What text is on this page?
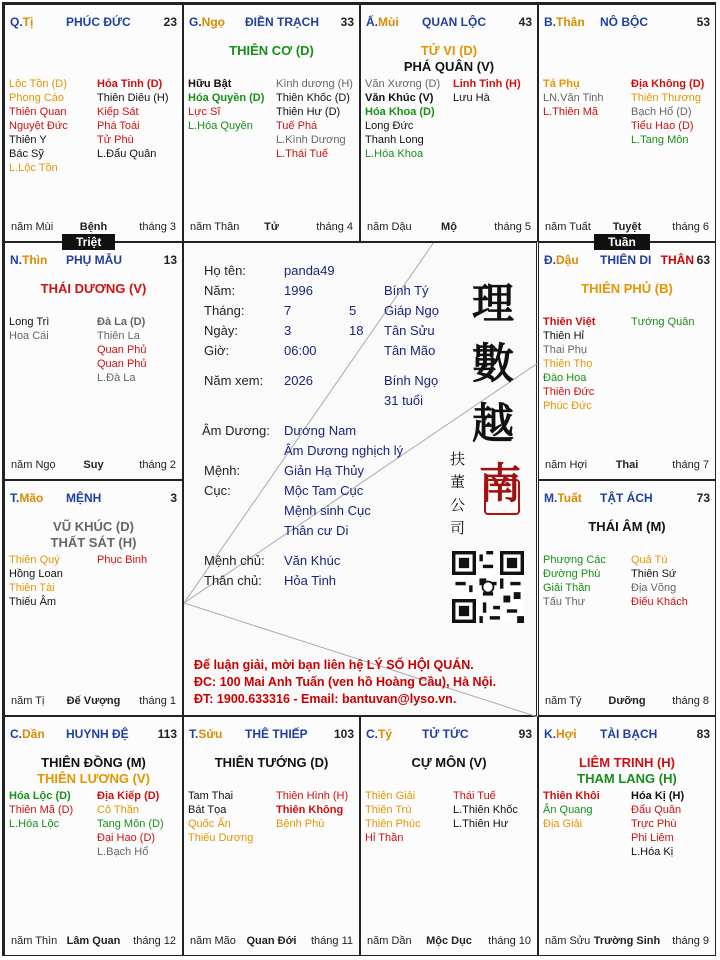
Q.Tị	PHÚC ĐỨC	23
Lộc Tồn (D)
Phong Cáo
Thiên Quan
Nguyệt Đức
Thiên Y
Bác Sỹ
L.Lộc Tồn
Hỏa Tinh (D)
Thiên Diêu (H)
Kiếp Sát
Phá Toái
Tử Phù
L.Đẩu Quân
năm Mùi	Bệnh	tháng 3
G.Ngọ ĐIỀN TRẠCH 33
THIÊN CƠ (D)
Hữu Bật
Hóa Quyền (D)
Lực Sĩ
L.Hóa Quyền
Kình dương (H)
Thiên Khốc (D)
Thiên Hư (D)
Tuế Phá
L.Kình Dương
L.Thái Tuế
năm Thân	Tử	tháng 4
Ấ.Mùi QUAN LỘC	43
TỬ VI (D)
PHÁ QUÂN (V)
Văn Xương (D)
Văn Khúc (V)
Hóa Khoa (D)
Long Đức
Thanh Long
L.Hóa Khoa
Linh Tinh (H)
Lưu Hà
năm Dậu	Mộ	tháng 5
B.Thân NÔ BỘC	53
Tả Phụ
LN.Văn Tinh
L.Thiên Mã
Địa Không (D)
Thiên Thương
Bạch Hổ (D)
Tiểu Hao (D)
L.Tang Môn
năm Tuất	Tuyệt	tháng 6
N.Thìn PHỤ MẪU	13
THÁI DƯƠNG (V)
Long Trì
Hoa Cái
Đà La (D)
Thiên La
Quan Phủ
Quan Phủ
L.Đà La
năm Ngọ	Suy	tháng 2
Đ.Dậu THIÊN DI THÂN 63
THIÊN PHỦ (B)
Thiên Việt
Thiên Hỉ
Thai Phụ
Thiên Thọ
Đào Hoa
Thiên Đức
Phúc Đức
Tướng Quân
năm Hợi	Thai	tháng 7
T.Mão MỆNH	3
VŨ KHÚC (D)
THẤT SÁT (H)
Thiên Quý
Hồng Loan
Thiên Tài
Thiếu Âm
Phục Binh
năm Tị	Đế Vượng	tháng 1
M.Tuất TẬT ÁCH	73
THÁI ÂM (M)
Phượng Các
Đường Phù
Giải Thần
Tấu Thư
Quả Tú
Thiên Sứ
Địa Võng
Điếu Khách
năm Tý	Dưỡng	tháng 8
C.Dần HUYNH ĐỆ 113
THIÊN ĐỒNG (M)
THIÊN LƯƠNG (V)
Hóa Lộc (D)
Thiên Mã (D)
L.Hóa Lộc
Địa Kiếp (D)
Cô Thần
Tang Môn (D)
Đại Hao (D)
L.Bạch Hổ
năm Thìn Lâm Quan	tháng 12
T.Sửu THÊ THIẾP 103
THIÊN TƯỚNG (D)
Tam Thai
Bát Tọa
Quốc Ấn
Thiếu Dương
Thiên Hình (H)
Thiên Không
Bệnh Phù
năm Mão Quan Đới	tháng 11
C.Tý TỬ TỨC	93
CỰ MÔN (V)
Thiên Giải
Thiên Trù
Thiên Phúc
Hỉ Thần
Thái Tuế
L.Thiên Khốc
L.Thiên Hư
năm Dần	Mộc Dục	tháng 10
K.Hợi TÀI BẠCH	83
LIÊM TRINH (H)
THAM LANG (H)
Thiên Khôi
Ân Quang
Địa Giải
Hóa Kị (H)
Đẩu Quân
Trực Phù
Phi Liêm
L.Hóa Kị
năm Sửu Trường Sinh	tháng 9
Triệt	Tuần
Họ tên:	panda49
Năm:	1996	Bính Tý
Tháng:	7	5 Giáp Ngọ
Ngày:	3	18 Tân Sửu
Giờ:	06:00	Tân Mão
Năm xem: 2026	Bính Ngọ
31 tuổi
Âm Dương: Dương Nam
Âm Dương nghịch lý
Mệnh:	Giản Hạ Thủy
Cục:	Mộc Tam Cục
Mệnh sinh Cục
Thân cư Di
Mệnh chủ: Văn Khúc
Thân chủ: Hỏa Tinh
理
數
越
南
扶
董
公
司
Để luận giải, mời bạn liên hệ LÝ SỐ HỘI QUÁN.
ĐC: 100 Mai Anh Tuấn (ven hồ Hoàng Cầu), Hà Nội.
ĐT: 1900.633316 - Email: bantuvan@lyso.vn.
